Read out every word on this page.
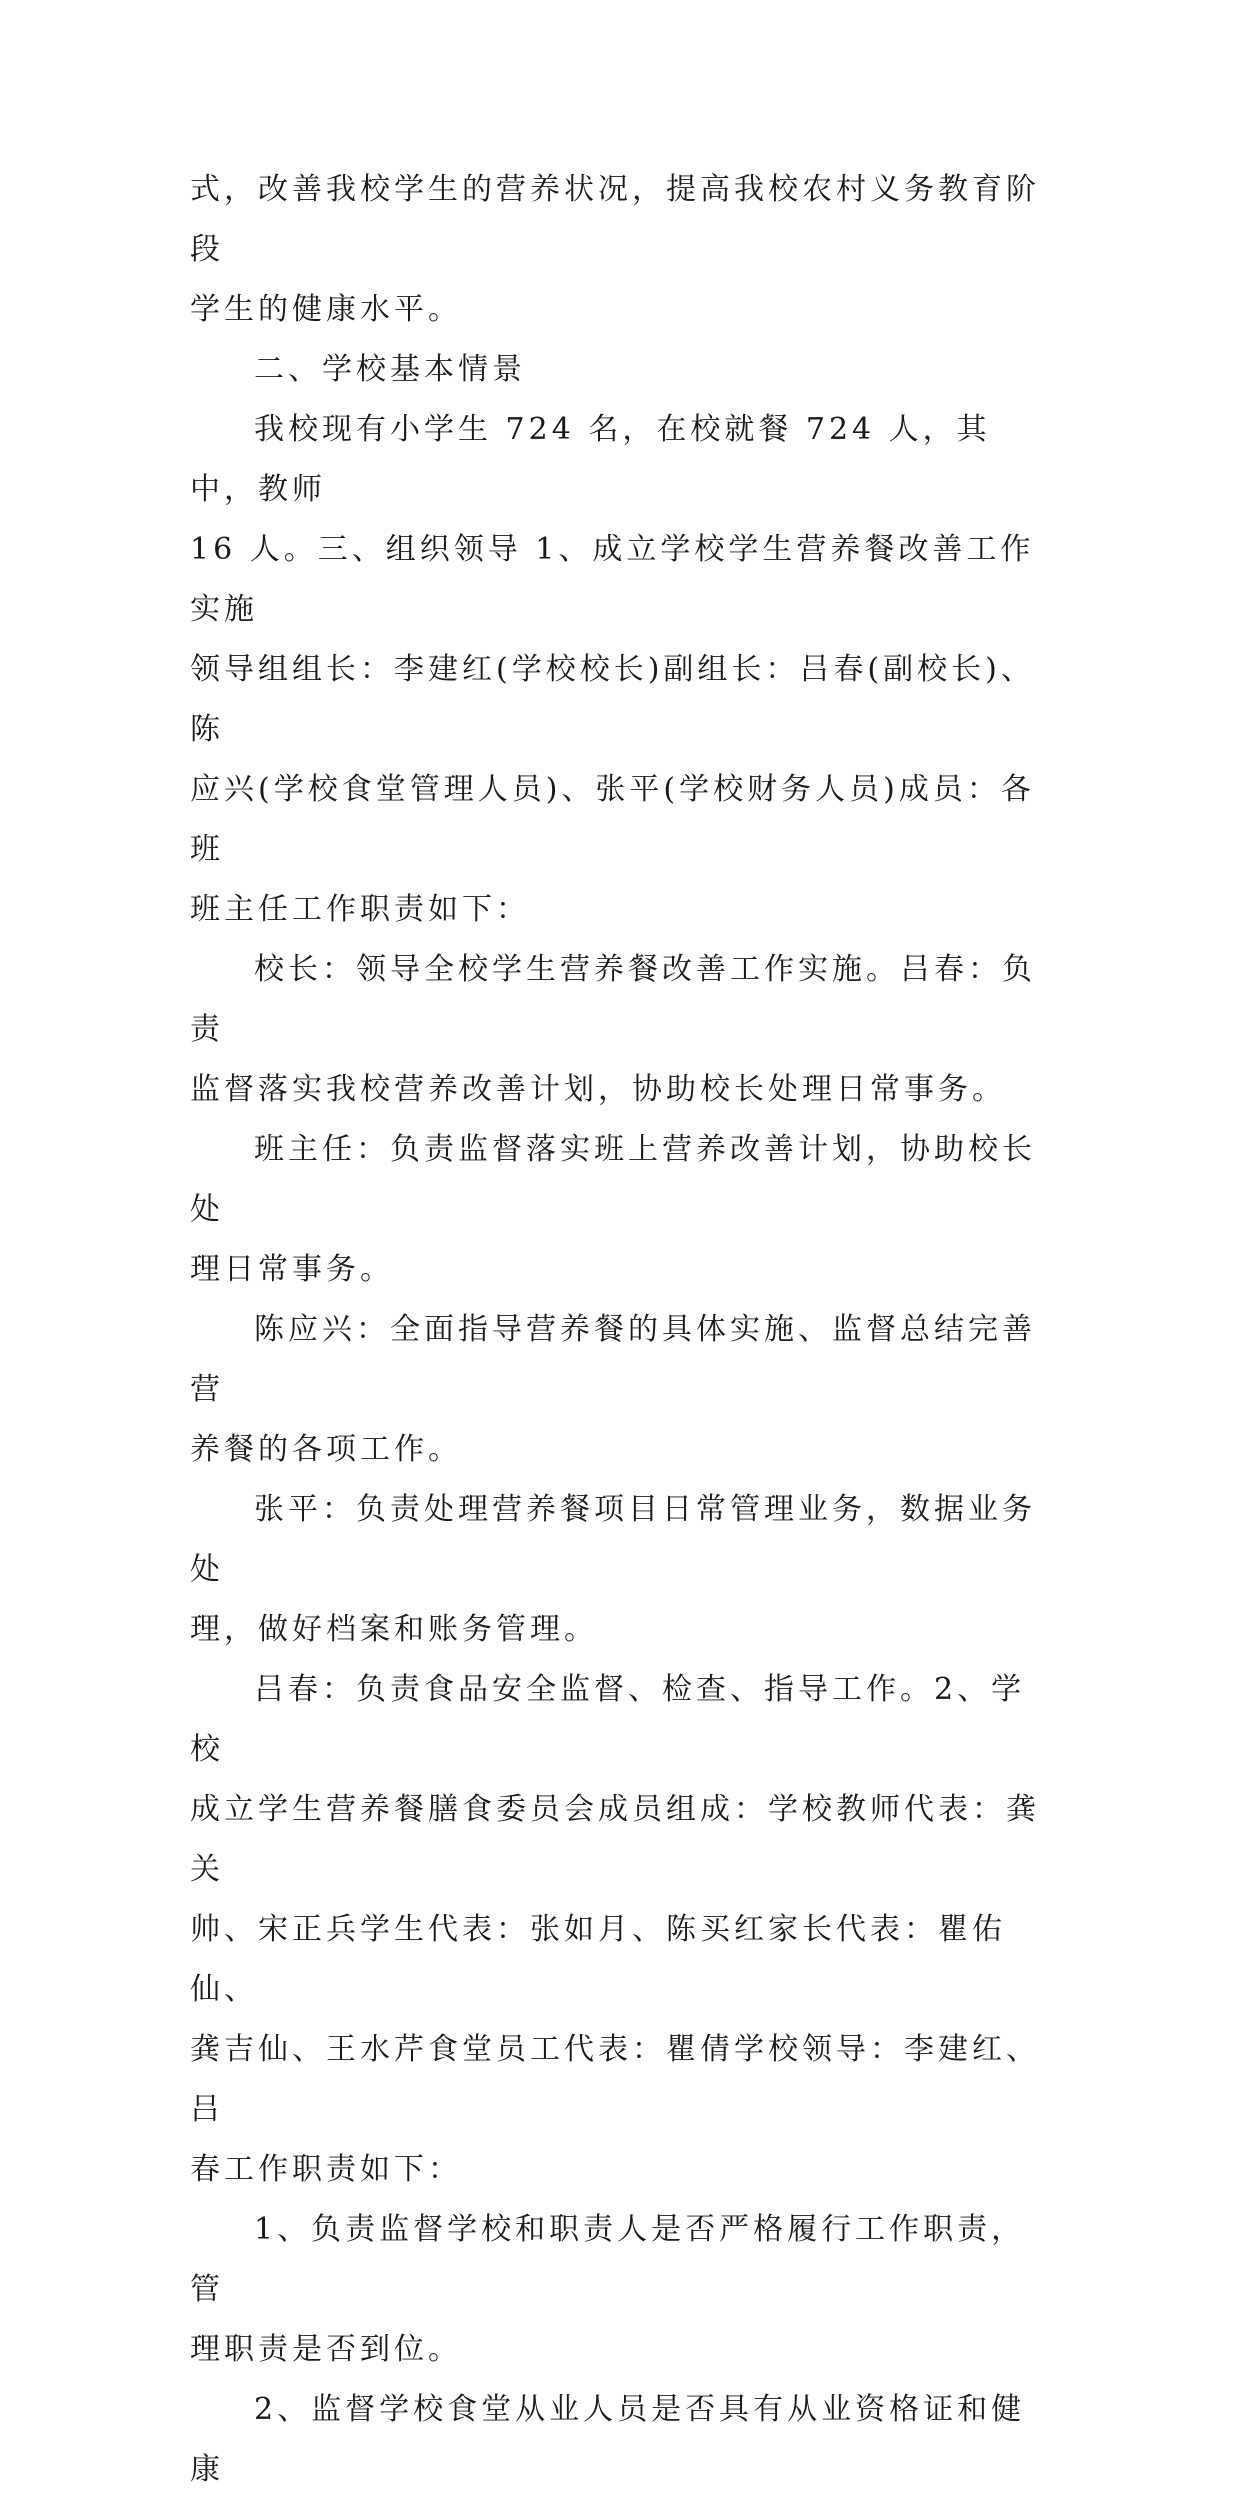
式，改善我校学生的营养状况，提高我校农村义务教育阶段
学生的健康水平。
二、学校基本情景
我校现有小学生 724 名，在校就餐 724 人，其中，教师
16 人。三、组织领导 1、成立学校学生营养餐改善工作实施
领导组组长：李建红(学校校长)副组长：吕春(副校长)、陈
应兴(学校食堂管理人员)、张平(学校财务人员)成员：各班
班主任工作职责如下：
校长：领导全校学生营养餐改善工作实施。吕春：负责
监督落实我校营养改善计划，协助校长处理日常事务。
班主任：负责监督落实班上营养改善计划，协助校长处
理日常事务。
陈应兴：全面指导营养餐的具体实施、监督总结完善营
养餐的各项工作。
张平：负责处理营养餐项目日常管理业务，数据业务处
理，做好档案和账务管理。
吕春：负责食品安全监督、检查、指导工作。2、学校
成立学生营养餐膳食委员会成员组成：学校教师代表：龚关
帅、宋正兵学生代表：张如月、陈买红家长代表：瞿佑仙、
龚吉仙、王水芹食堂员工代表：瞿倩学校领导：李建红、吕
春工作职责如下：
1、负责监督学校和职责人是否严格履行工作职责，管
理职责是否到位。
2、监督学校食堂从业人员是否具有从业资格证和健康
